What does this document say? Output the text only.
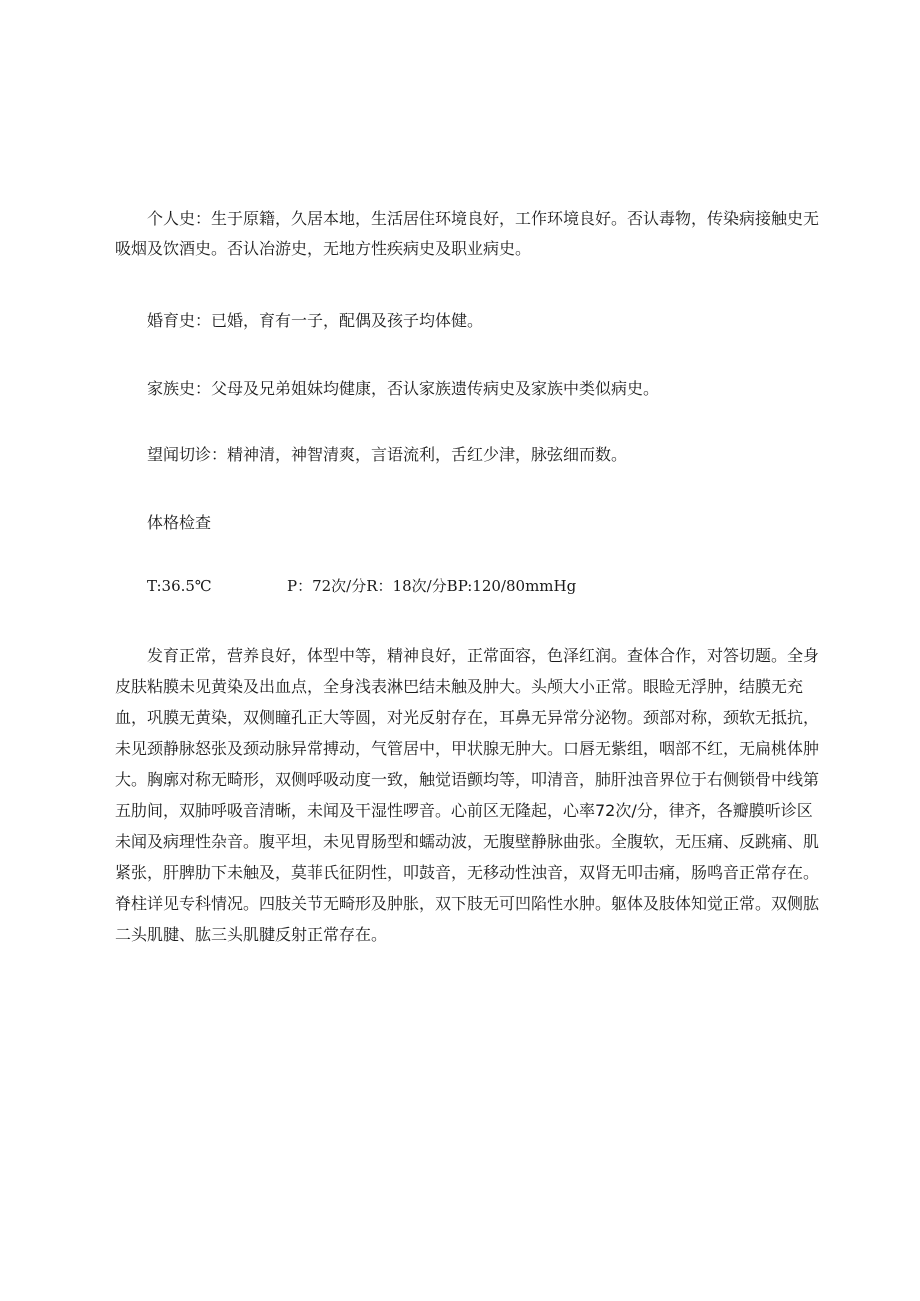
个人史：生于原籍，久居本地，生活居住环境良好，工作环境良好。否认毒物，传染病接触史无吸烟及饮酒史。否认冶游史，无地方性疾病史及职业病史。

婚育史：已婚，育有一子，配偶及孩子均体健。

家族史：父母及兄弟姐妹均健康，否认家族遗传病史及家族中类似病史。

望闻切诊：精神清，神智清爽，言语流利，舌红少津，脉弦细而数。

体格检查

T:36.5℃	P：72次/分R：18次/分BP:120/80mmHg

发育正常，营养良好，体型中等，精神良好，正常面容，色泽红润。查体合作，对答切题。全身皮肤粘膜未见黄染及出血点，全身浅表淋巴结未触及肿大。头颅大小正常。眼睑无浮肿，结膜无充血，巩膜无黄染，双侧瞳孔正大等圆，对光反射存在，耳鼻无异常分泌物。颈部对称，颈软无抵抗，未见颈静脉怒张及颈动脉异常搏动，气管居中，甲状腺无肿大。口唇无紫组，咽部不红，无扁桃体肿大。胸廓对称无畸形，双侧呼吸动度一致，触觉语颤均等，叩清音，肺肝浊音界位于右侧锁骨中线第五肋间，双肺呼吸音清晰，未闻及干湿性啰音。心前区无隆起，心率72次/分，律齐，各瓣膜听诊区未闻及病理性杂音。腹平坦，未见胃肠型和蠕动波，无腹壁静脉曲张。全腹软，无压痛、反跳痛、肌紧张，肝脾肋下未触及，莫菲氏征阴性，叩鼓音，无移动性浊音，双肾无叩击痛，肠鸣音正常存在。脊柱详见专科情况。四肢关节无畸形及肿胀，双下肢无可凹陷性水肿。躯体及肢体知觉正常。双侧肱二头肌腱、肱三头肌腱反射正常存在。
